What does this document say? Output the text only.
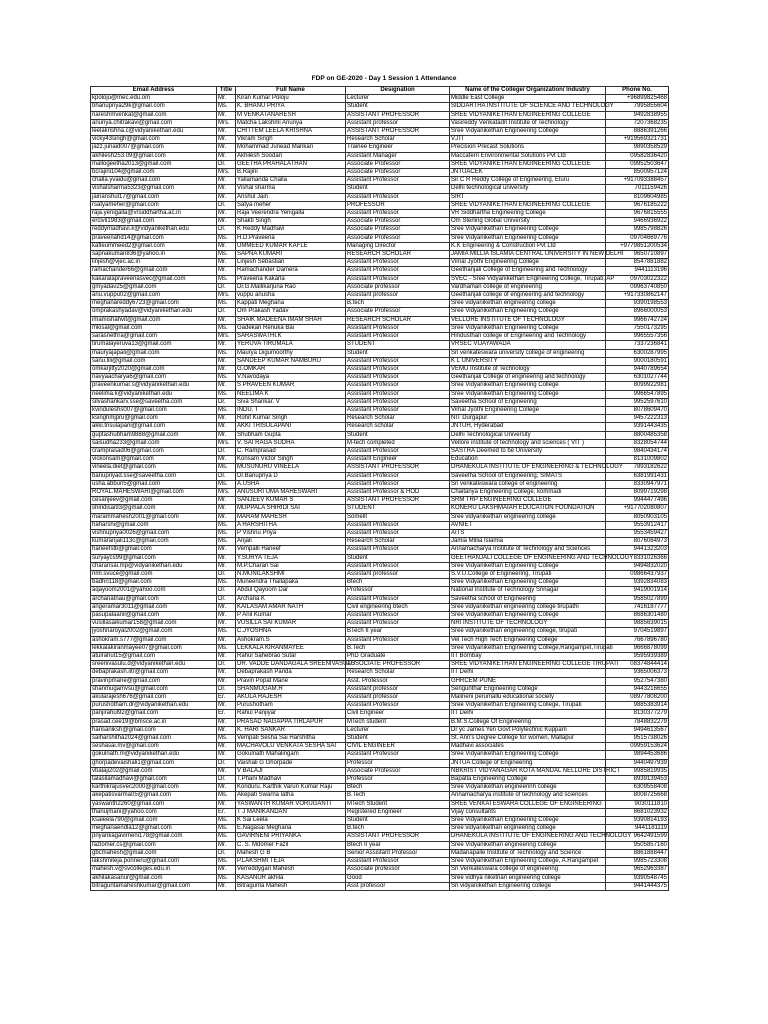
FDP on GE-2020 - Day 1 Session 1 Attendance
Email Address	Title	Full Name	Designation	Name of the College/ Organization/ Industry	Phone No.
kpoloju@mec.edu.om	Mr.	Kiran Kumar Poloju	Lecturer	Middle East College	+96899825468
bhanupriya29k@gmail.com	Ms.	K. BHANU PRIYA	Student	SIDDARTHA INSTITUTE OF SCIENCE AND TECHNOLOGY	7995855604
nareshmvenkat@gmail.com	Mr.	M VENKATANARESH	ASSISTANT PROFESSOR	SREE VIDYANIKETHAN ENGINEERING COLLEGE	9492838955
anunya.chitrakavi@gmail.com	Mrs.	Matcha Lakshmi Anunya	Assistant professor	Vasireddy Venkatadri Institute of Technology	7207368235
leelakrishna.c@vidyanikethan.edu	Mr.	CHITTEM LEELA KRISHNA	ASSISTANT PROFESSOR	Sree Vidyanikethan Engineering College	8886391266
vicky43singh@gmail.com	Mr.	Vikram Singh	Research Scholar	VJTI	+919569321731
jazz.junaid007@gmail.com	Mr.	Mohammad Junead Mankari	Trainee Engineer	Precision Precast Solutions	9890358529
akhilesh253.09@gmail.com	Mr.	Akhilesh Soodan	Assistant Manager	Maccaferri Environmental Solutions Pvt Ltd	09582836420
mallogeetha2013@gmail.com	Dr.	GEETHA PRAHALATHAN	Associate Professor	SREE VIDYANIKETHAN ENGINEERING COLLEGE	09952503647
bcrajini104@gmail.com	Mrs.	B.Rajini	Associate Professor	JNTUACEK	8500957124
challa.yvaidu@gmail.com	Mr.	Yallamanda Challa	Assistant Professor	Sir C R Reddy College of Engineering, Eluru	+917093388457
vishalsharma5323@gmail.com	Mr.	Vishal sharma	Student	Delhi technological university	7011159426
jainanshul17@gmail.com	Mr.	Anshul Jain	Assistant Professor	SIRT	8109604985
rsatyameher@gmail.com	Dr.	Satya meher	PROFESSOR	SREE VIDYANIKETHAN ENGINEERING COLLEGE	9676185222
raja.yenigalla@vrsiddhartha.ac.in	Mr.	Raja Veerendra Yenigalla	Assistant Professor	VR Siddhartha Engineering College	9676815555
ercivil1983@gmail.com	Mr.	Shakti Singh	Associate Professor	Om Sterling Global University	9466936922
reddymadhavi.k@vidyanikethan.edu	Dr.	K Reddy Madhavi	Associate Professor	Sree Vidyanikethan Engineering College	9985798826
praveenahd14@gmail.com	Ms.	H.D.Praveena	Associate Professor	Sree Vidyanikethan Engineering College	09704669776
kafleummeed2@gmail.com	Mr.	UMMEED KUMAR KAFLE	Managing Director	K.K Engineering & Construction Pvt Ltd	+9779851200534
sapnakumari836@yahoo.in	Ms.	SAPNA KUMARI	RESEARCH SCHOLAR	JAMIA MILLIA ISLAMIA CENTRAL UNIVERSITY IN NEW DELHI	9650710897
linjesh@vjec.ac.in	Mr.	Linjesh Sebastian	Assistant Professor	Vimal Jyothi Engineering College	8547881882
ramachander66@gmail.com	Mr.	Ramachander Damera	Assistant Professor	Geethanjali College of Engineering and Technology	9441113196
kakaralapraveenasvec@gmail.com	Ms.	Praveena Kakarla	Assistant Professor	SVEC - Sree Vidyanikethan Engineering College, Tirupati, AP	09703022322
gmyadav25@gmail.com	Dr.	Dr.G.Mallikarjuna Rao	Associate professor	Vardhaman college of engineering	09963740850
anu.vuppu02@gmail.com	Mrs.	vuppu anusha	Assistant professor	Geethanjali college of engineering and technology	+917330862147
meghanareddy6723@gmail.com	Ms.	Kappati Meghana	B.tech	Sree vidyanikethan engineering college	9390198553
omprakashyadav@vidyanikethan.edu	Dr.	Om Prakash Yadav	Associate Professor	Sree Vidyanikethan Engineering College	8966000053
imamishahvit@gmail.com	Mr.	SHAIK MADEENA IMAM SHAH	RESEARCH SCHOLAR	VELLORE INSTITUTE OF TECHNOLOGY	9966742724
mkisal@gmail.com	Ms.	Gadekari Renuka Bai	Assistant Professor	Sree Vidyanikethan Engineering College	7550173295
sarasnethra@gmail.com	Mrs.	SARASWATHI.K	Assistant Professor	Hindusthan college of Engineering and Technology	9965557356
tirumalayeruva13@gmail.com	Mr.	YERUVA TIRUMALA	STUDENT	VRSEC VIJAYAWADA	7337236841
mauryajapali@gmail.com	Ms.	Maurya Digumoorthy	Student	Sri venkateswara university college of engineering	6300287995
sanu.lili@gmail.com	Mr.	SANDEEP KUMAR NAMBURU	Assistant Professor	K L UNIVERSITY	9000180591
omkarjitty2020@gmail.com	Mr.	G.OMKAR	Assistant Professor	VEMU Institute of Technology	9440789654
navyaacharya6@gmail.com	Ms.	V.Navodaya	Assistant Professor	Geethanjali College of engineering and technology	6301027744
praveenkumar.s@vidyanikethan.edu	Mr.	S PRAVEEN KUMAR	Assistant Professor	Sree Vidyanikethan Engineering College	8099922981
neelima.k@vidyanikethan.edu	Ms.	NEELIMA K	Assistant Professor	Sree Vidyanikethan Engineering College	9966547895
silvashankarv.sse@saveetha.com	Dr.	Siva Shankar. V	Assistant Professor	Saveetha School of Engineering	9952597610
kvinduleshs007@gmail.com	Ms.	INDU. T	Assistant Professor	Vimal Jyothi Engineering College	8078609470
ksinghmjpru@gmail.com	Mr.	Rohit Kumar Singh	Research Scholar	NIT Durgapur	9457222313
akki.trisulapani@gmail.com	Mr.	AKKI TRISULAPANI	Research scholar	JNTUH, Hyderabad	9391443435
guptashubham9888@gmail.com	Mr.	Shubham Gupta	Student	Delhi Technological University	8800485358
saisudha233@gmail.com	Mrs.	V. SAI RAGA SUDHA	M-tech completed	Vellore institute of technology and sciences ( VIT )	8328054744
cramprasad06@gmail.com	Dr.	C. Ramprasad	Assistant Professor	SASTRA Deemed to be University	9840434174
vickonsam@gmail.com	Mr.	Konsam Victor Singh	Assistant Engineer	Education	8131009802
vineela.diet@gmail.com	Ms.	MUSUNURU VINEELA	ASSISTANT PROFESSOR	DHANEKULA INSTITUTE OF ENGINEERING & TECHNOLOGY	7893182622
banupriyad.sse@saveetha.com	Dr.	Dr.Banupriya D	Assistant Professor	Saveetha School of Engineering, SIMATS	6381991431
usha.abburi5@gmail.com	Ms.	A.USHA	Assistant Professor	Sri venkateswara college of engineering	8330947971
ROYAL.MAHESWARI@gmail.com	Mrs.	ANUSURI UMA MAHESWARI	Assistant Professor & HOD	Chaitanya Engineering College, kommadi	8099719298
cesanjeev@gmail.com	Mr.	SANJEEV KUMAR S	ASSISTANT PROFESSOR	SRM TRP ENGINEERING COLLEGE	9944477496
shiridisai93@gmail.com	Mr.	MUPPALA SHIRIDI SAI	STUDENT	KONERU LAKSHMAIAH EDUCATION FOUNDATION	+917702080807
marammahesh2001@gmail.com	Mr.	MARAM MAHESH	Somelit	Sree vidyanikethan engineering college	8050903105
haharshi@gmail.com	Ms.	A HARSHITHA	Assistant Professor	AVNIET	9553912417
vishnupriya0026@gmail.com	Ms.	P Vishnu Priya	Assistant Professor	AITS	9553459427
kumaranjali113c@gmail.com	Ms.	Anjali	Research Scholar	Jamia Millia Islamia	8076084973
haneefstb@gmail.com	Mr.	Vempalli Haneef	Assistant Professor	Annamacharya Institute of Technology and Sciences	9441323203
suryaycs99@gmail.com	Mr.	Y.SURYA TEJA	Student	GEETHANJALI COLLEGE OF ENGINEERING AND TECHNOLOGY	8331026366
charansai.mp@vidyanikethan.edu	Mr.	M.P.Charan Sai	Assistant Professor	Sree Vidyanikethan Engineering College	9494832020
nml.svuce@gmail.com	Dr.	N.MUNILAKSHMI	Assistant professor	S.V.U.College of Engineering, Tirupati	09866437937
badhri118@gmail.com	Ms.	Muneendra Thallapaka	Btech	Sree Vidyanikethan Engineering College	9392834083
aqayoom2001@yahoo.com	Dr.	Abdul Qayoom Dar	Professor	National Institute of Technology Srinagar	9419001914
archanatnau@gmail.com	Dr.	Archana K	Assistant Professor	Saveetha school of Engineering	9585027899
angeramar3011@gmail.com	Mr.	KAILASAM AMAR NATH	Civil engineering btech	Sree vidyanikethan engineering college tirupathi	7416187777
pasupalaanil@gmail.com	Mr.	P Anil Kumar	Assistant Professor	Sree Vidyanikethan Engineering College	8686301480
vusillasaikumar158@gmail.com	Mr.	VUSILLA SAI KUMAR	Assistant Professor	NRI INSTITUTE OF TECHNOLOGY	9885639015
jyoshnaroyal2002@gmail.com	Ms.	C.JYOSHNA	BTech II year	Sree vidyanikethan engineering college, tirupati	9704519897
ashokram.s777@gmail.com	Mr.	Ashokram.S	Assistant Professor	Vel Tech High Tech Engineering College	7667896780
lekkalakiranmayee07@gmail.com	Ms.	LEKKALA KIRANMAYEE	B.Tech	Sree Vidyanikethan Engineering College,Rangampet,Tirupati	9666878099
atulrahul15@gmail.com	Mr.	Rahul Sahebrao Sutar	PhD Graduate	IIT Bombay	9595939389
sreenivasulu.d@vidyanikethan.edu	Dr.	DR. VADDE DANDAGALA SREENIVASULU	ASSOCIATE PROFESSOR	SREE VIDYANIKETHAN ENGINEERING COLLEGE TIRUPATI	08374844414
debaprakash.iitr@gmail.com	Mr.	Debaprakash Parida	Research Scholar	IIT Delhi	9365006373
pravinpmane@gmail.com	Mr.	Pravin Popat Mane	Asst. Professor	GHRCEM PUNE	9527547380
shanmugamvsu@gmail.com	Dr.	SHANMUGAM.R	Assistant professor	Sengunthar Engineering College	9443216655
akularajesh676@gmail.com	Er.	AKULA RAJESH	Assistant professor	Malineni perumallu educational society	08977808200
purushotham.dr@vidyanikethan.edu	Mr.	Purushotham	Assistant Professor	Sree Vidyanikethan Engineering College, Tirupati	9885383914
panjirahul92@gmail.com	Er.	Rahul Panjiyar	Civil Engineer	IIT Delhi	8130377279
prasad.cee19@bmsce.ac.in	Mr.	PRASAD NAGAPPA TIRLAPUR	MTech student	B.M.S.College Of Engineering	7848832279
harisaniksh@gmail.com	Mr.	K. HARI SANKAR	Lecturer	Dr yc James Yen Govt Polytechnic Kuppam	9494613567
saiharshitha2024@gmail.com	Ms.	Vempati Sesha Sai Harshitha	Student	St. Ann's Degree College for women, Mallapur	9515738026
seshasai.mv@gmail.com	Mr.	MACHAVOLU VENKATA SESHA SAI	CIVIL ENGINEER	Madhavi associates	09959153624
gokulnath.m@vidyanikethan.edu	Mr.	Gokulnath Mahalingam	Assistant Professor	Sree Vidyanikethan Engineering College	9894453686
ghorpadevaishali1@gmail.com	Dr.	Vaishali G Ghorpade	Professor	JNTUA College of Engineering	9440497939
vbalaji202@gmail.com	Mr.	V BALAJI	Associate Professor	NBKRIST VIDYANAGAR KOTA MANDAL NELLORE DISTRICT	9985819935
talasilamadhavi@gmail.com	Dr.	T.Phani Madhavi	Professor	Bapatla Engineering College	8939139453
karthikrajusvec2000@gmail.com	Mr.	Konduru. Karthik Varun Kumar Raju	Btech	Sree Vidyanikethan engineerinh college	6309558408
akepatisvarma05@gmail.com	Ms.	Akepati Swarna latha	B.Tech	Annamacharya institute of technology and sciences	8008725668
yaswanth2260@gmail.com	Mr.	YASWANTH KUMAR VORUGANTI	MTech Student	SREE VENKATESWARA COLLEGE OF ENGINEERING	9030111810
thanujmani@yahoo.com	Er.	T J MANIKANDAN	Registered Engineer	Vijay consultants	8681023932
ksaleela790@gmail.com	Ms.	K Sai Leela	Student	Sree Vidyanikethan Engineering College	9390814193
meghanaendla12@gmail.com	Ms.	E.Nagasai Meghana	B.tech	Sree vidyanikethan engineering college	9441181119
priyankagavirneni178@gmail.com	Ms.	GAVIRNENI PRIYANKA	ASSISTANT PROFESSOR	DHANEKULA INSTITUTE OF ENGINEERING AND TECHNOLOGY	9642491599
fazlomer.cs@gmail.com	Mr.	C. S. Mdomer Fazil	Btech II year	Sree Vidyanikethan engineering college	9505857160
gbcmahesh@gmail.com	Dr.	Mahesh G B	Senior Assistant Professor	Madanapalle Institute of Technology and Science	8861888447
lakshmiteja.ponneru@gmail.com	Ms.	P.LAKSHMI TEJA	Assistant Professor	Sree Vidyanikethan Engineering College, A.Rangampet	9985723308
mahesh.v@svcolleges.edu.in	Mr.	Verreddygari Mahesh	Associate professor	Sri Venkateswara college of engineering	9652963387
akhilakasanur@gmail.com	Ms.	KASANUR akhila	Good	Sree vidhya niketnan engineering college	9390548745
bitraguntamaheshkumar@gmail.com	Mr.	Bitragunta Mahesh	Asst professor	Sri vidyanikethan Engineering college	9441444375
